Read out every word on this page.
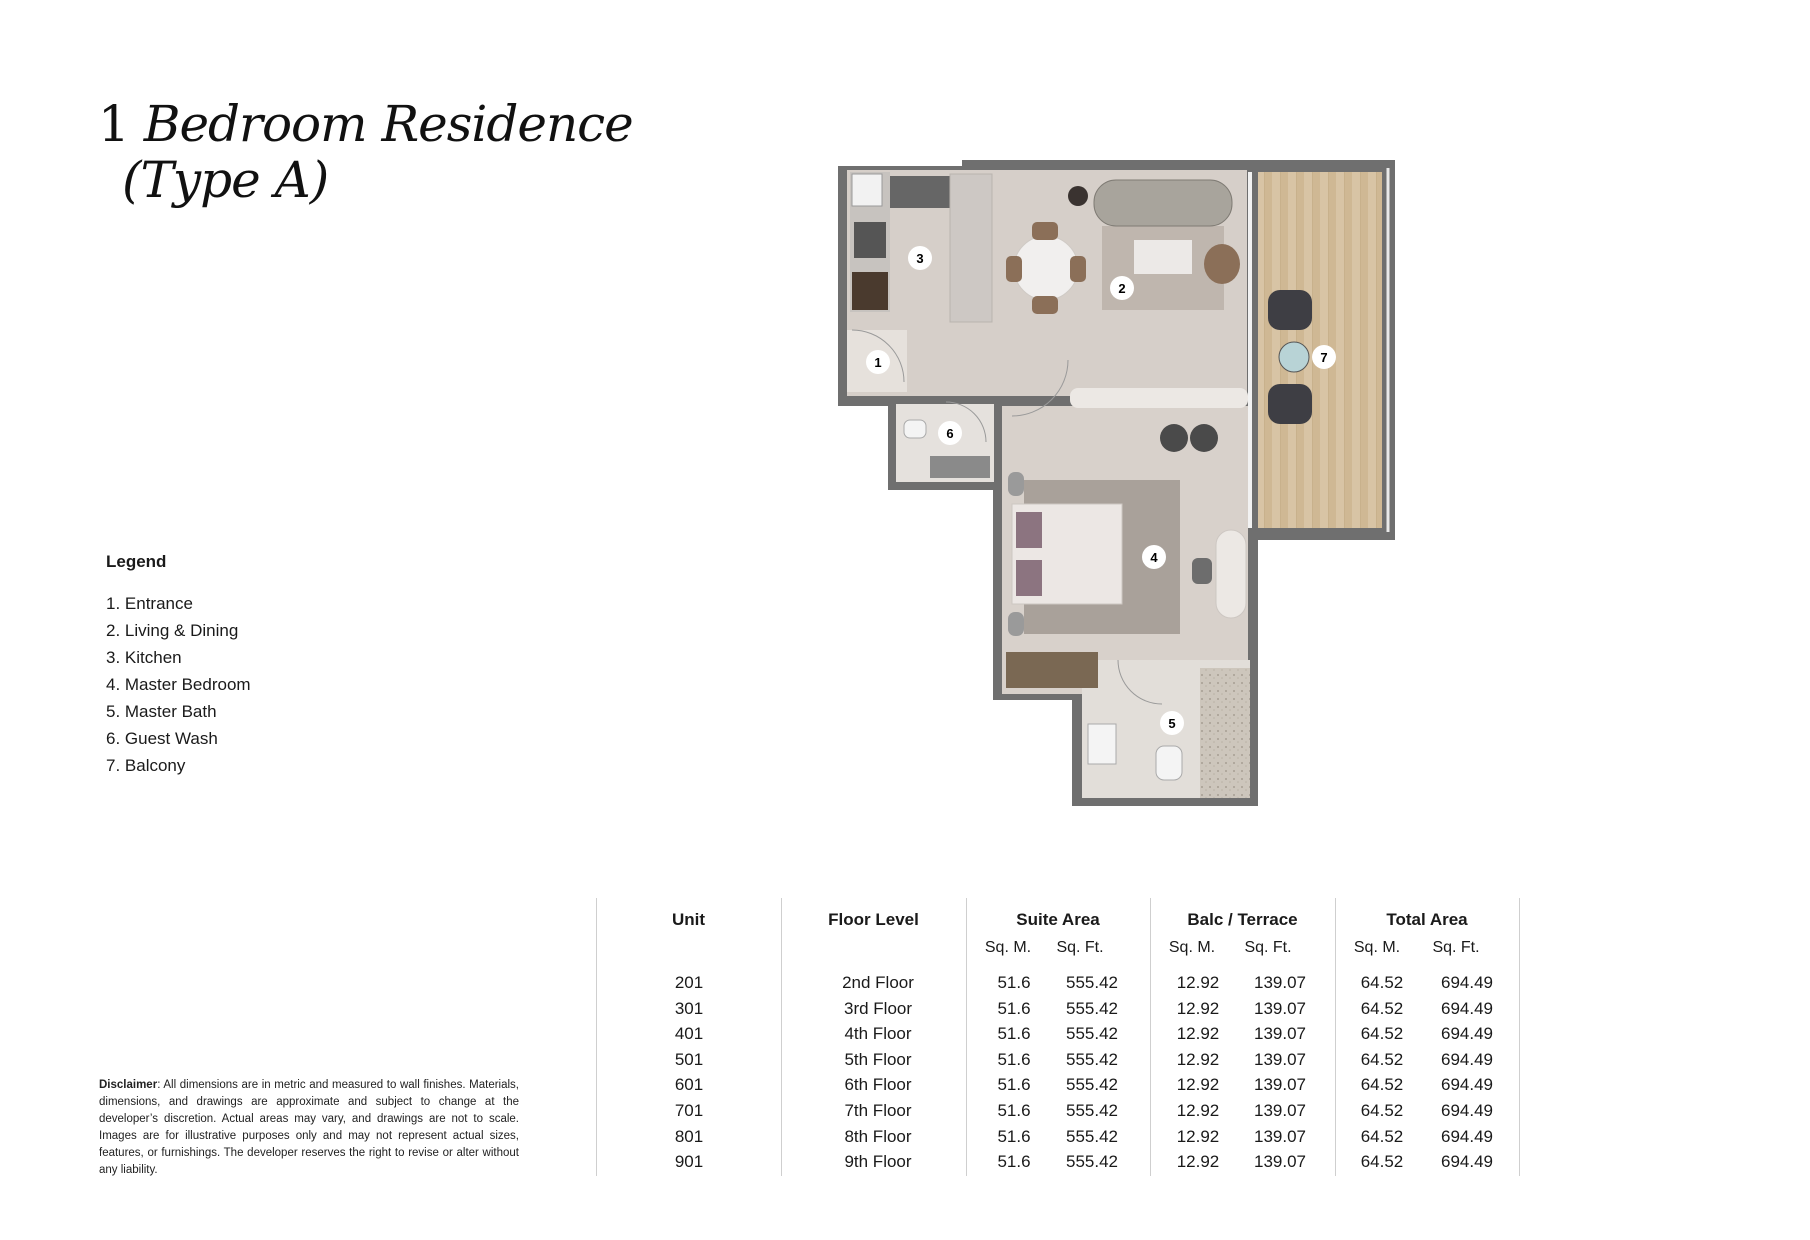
1 Bedroom Residence
(Type A)
Legend
1. Entrance
2. Living & Dining
3. Kitchen
4. Master Bedroom
5. Master Bath
6. Guest Wash
7. Balcony
1
2
3
4
5
6
7
Disclaimer: All dimensions are in metric and measured to wall finishes. Materials, dimensions, and drawings are approximate and subject to change at the developer’s discretion. Actual areas may vary, and drawings are not to scale. Images are for illustrative purposes only and may not represent actual sizes, features, or furnishings. The developer reserves the right to revise or alter without any liability.
Unit	Floor Level	Suite Area
Sq. M.	Sq. Ft.
Balc / Terrace
Sq. M.	Sq. Ft.
Total Area
Sq. M.	Sq. Ft.
201	2nd Floor	51.6	555.42	12.92	139.07	64.52	694.49
301	3rd Floor	51.6	555.42	12.92	139.07	64.52	694.49
401	4th Floor	51.6	555.42	12.92	139.07	64.52	694.49
501	5th Floor	51.6	555.42	12.92	139.07	64.52	694.49
601	6th Floor	51.6	555.42	12.92	139.07	64.52	694.49
701	7th Floor	51.6	555.42	12.92	139.07	64.52	694.49
801	8th Floor	51.6	555.42	12.92	139.07	64.52	694.49
901	9th Floor	51.6	555.42	12.92	139.07	64.52	694.49
